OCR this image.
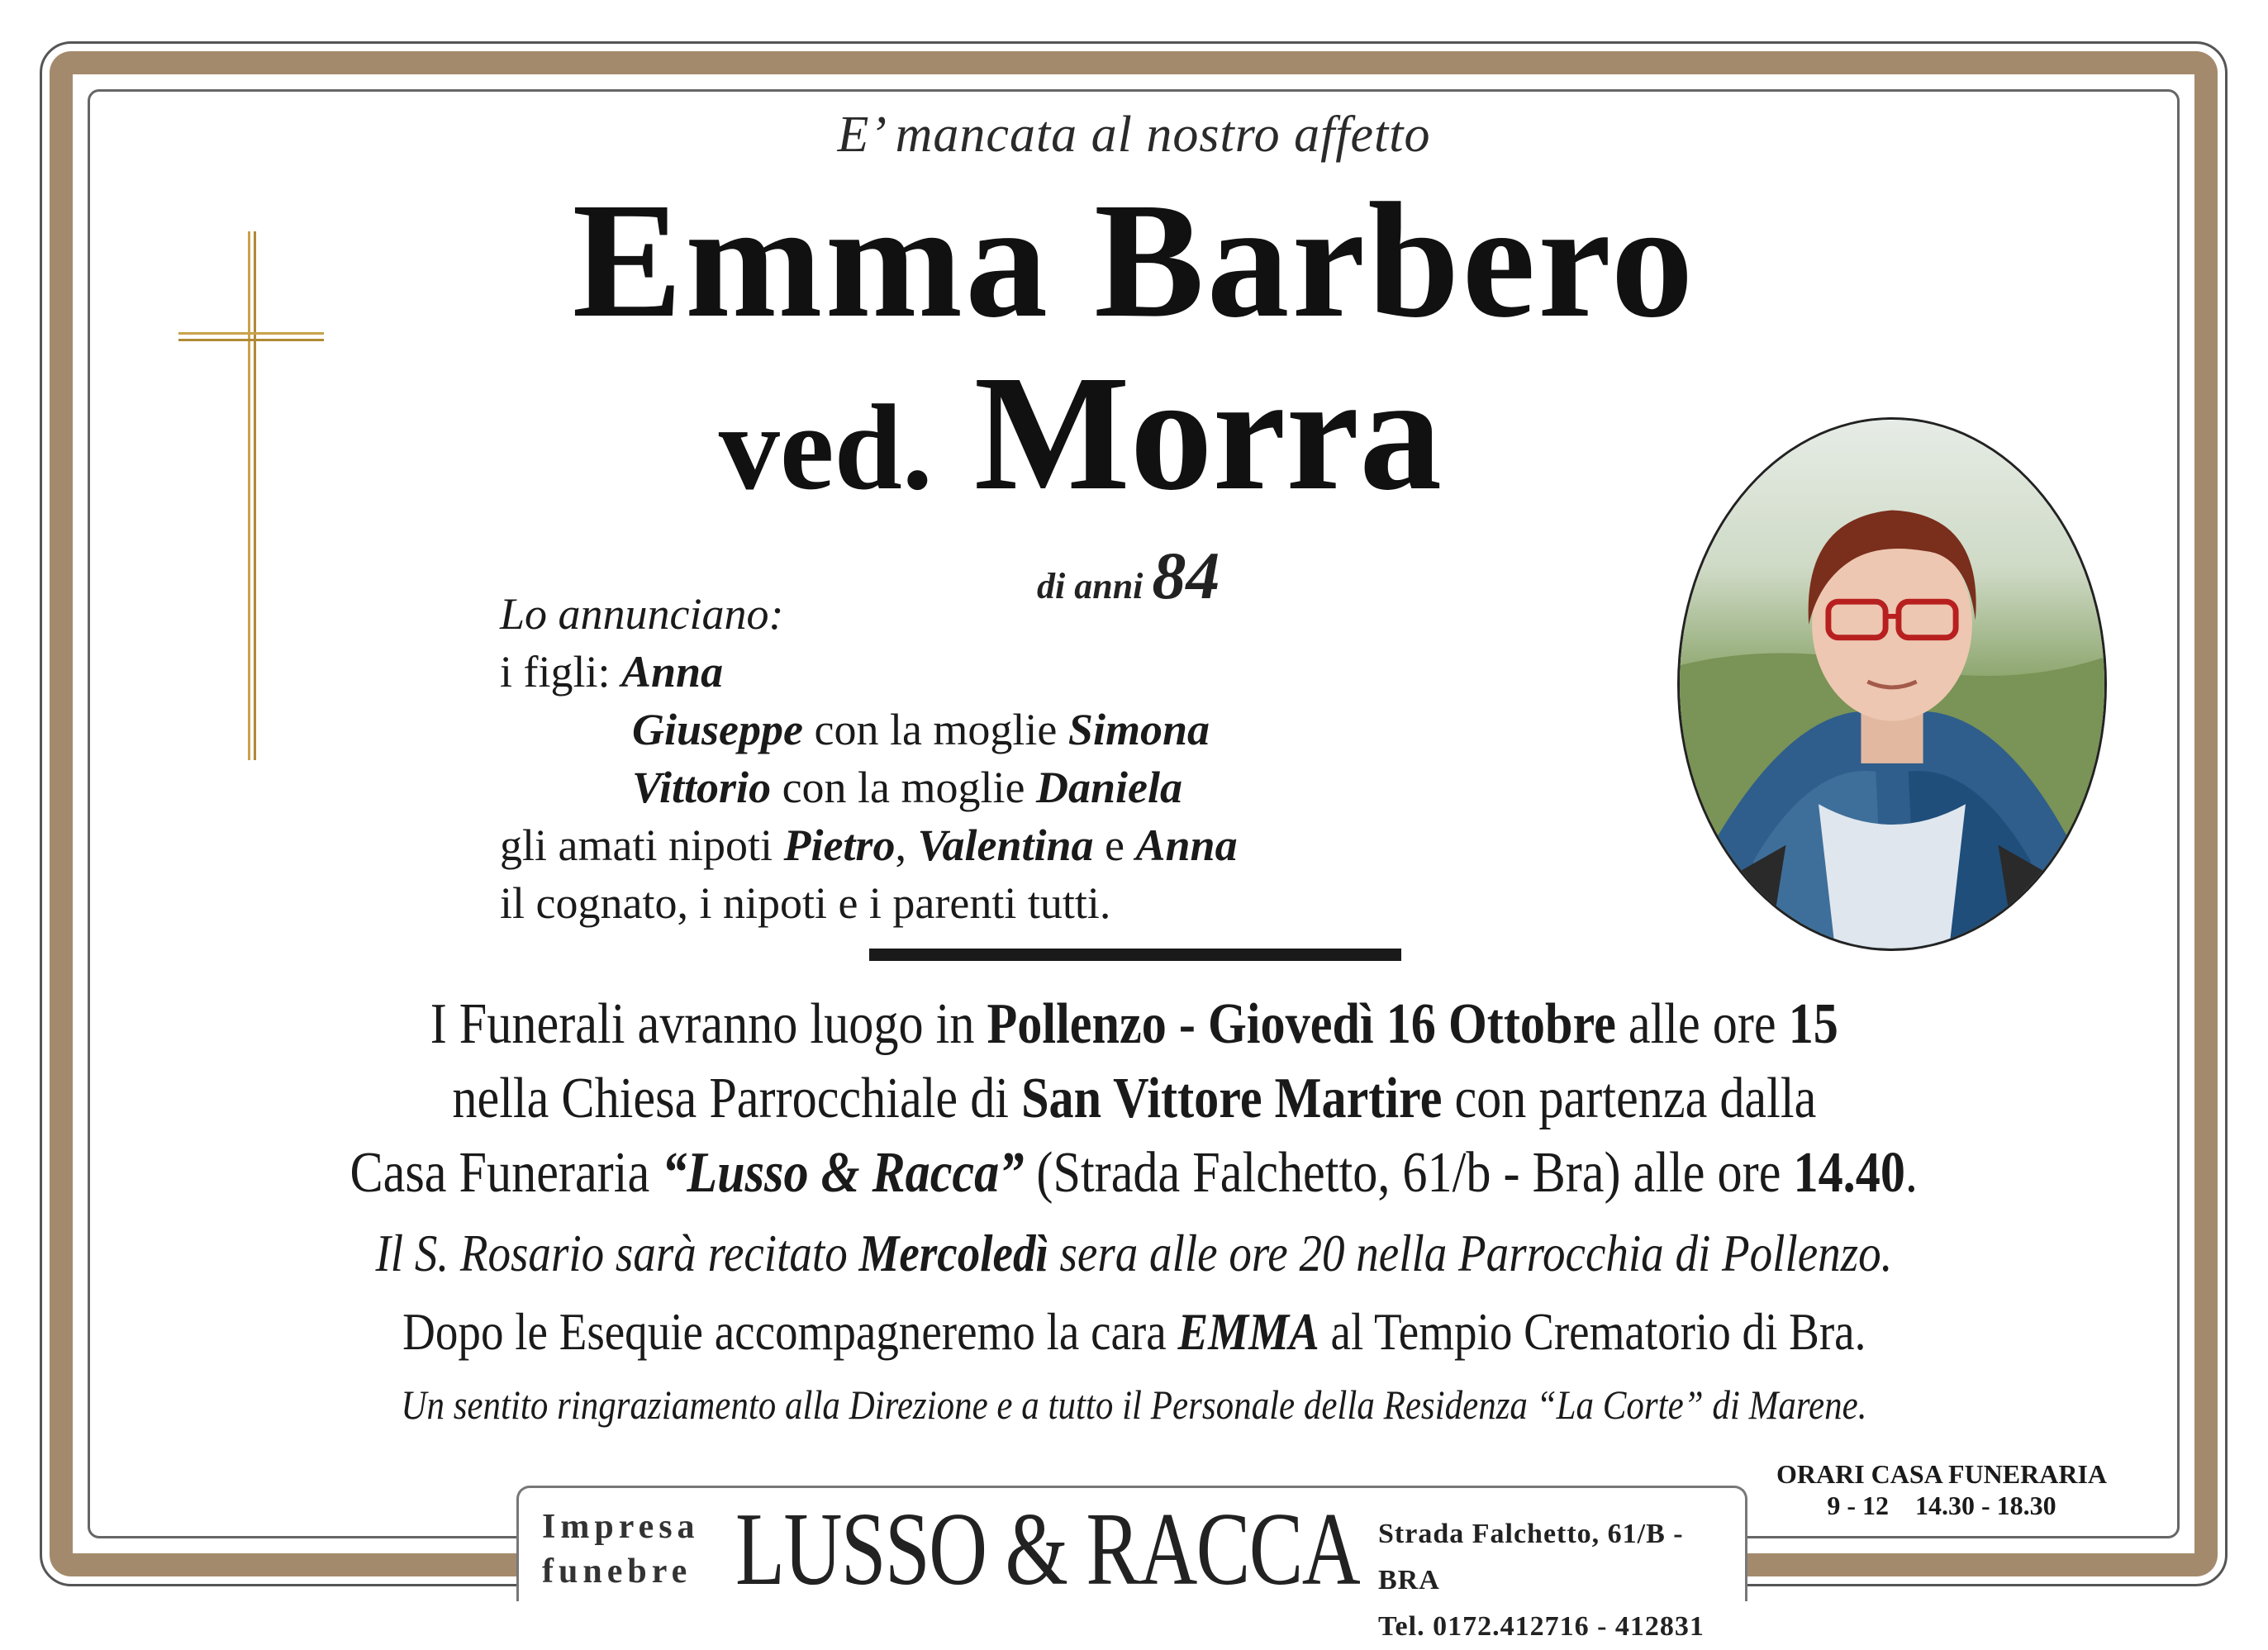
E’ mancata al nostro affetto
Emma Barbero
ved. Morra
di anni 84
Lo annunciano:
i figli: Anna
Giuseppe con la moglie Simona
Vittorio con la moglie Daniela
gli amati nipoti Pietro, Valentina e Anna
il cognato, i nipoti e i parenti tutti.
I Funerali avranno luogo in Pollenzo - Giovedì 16 Ottobre alle ore 15
nella Chiesa Parrocchiale di San Vittore Martire con partenza dalla
Casa Funeraria “Lusso & Racca” (Strada Falchetto, 61/b - Bra) alle ore 14.40.
Il S. Rosario sarà recitato Mercoledì sera alle ore 20 nella Parrocchia di Pollenzo.
Dopo le Esequie accompagneremo la cara EMMA al Tempio Crematorio di Bra.
Un sentito ringraziamento alla Direzione e a tutto il Personale della Residenza “La Corte” di Marene.
ORARI CASA FUNERARIA
9 - 12    14.30 - 18.30
Impresa
funebre LUSSO & RACCA Strada Falchetto, 61/B - BRA
Tel. 0172.412716 - 412831
